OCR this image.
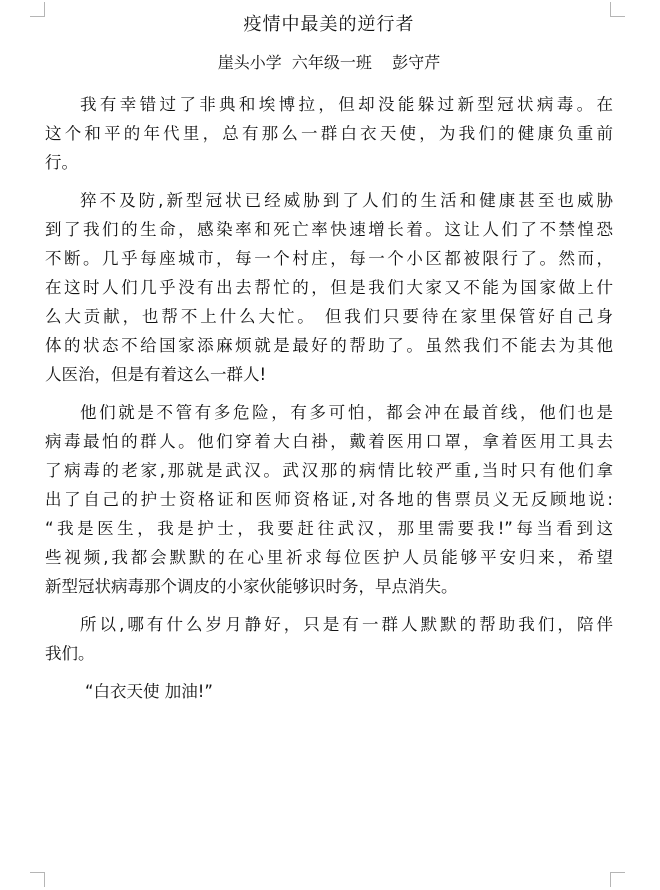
疫情中最美的逆行者
崖头小学  六年级一班    彭守芹
我有幸错过了非典和埃博拉，但却没能躲过新型冠状病毒。在
这个和平的年代里，总有那么一群白衣天使，为我们的健康负重前
行。
猝不及防,新型冠状已经威胁到了人们的生活和健康甚至也威胁
到了我们的生命，感染率和死亡率快速增长着。这让人们了不禁惶恐
不断。几乎每座城市，每一个村庄，每一个小区都被限行了。然而，
在这时人们几乎没有出去帮忙的，但是我们大家又不能为国家做上什
么大贡献，也帮不上什么大忙。 但我们只要待在家里保管好自己身
体的状态不给国家添麻烦就是最好的帮助了。虽然我们不能去为其他
人医治，但是有着这么一群人!
他们就是不管有多危险，有多可怕，都会冲在最首线，他们也是
病毒最怕的群人。他们穿着大白褂，戴着医用口罩，拿着医用工具去
了病毒的老家,那就是武汉。武汉那的病情比较严重,当时只有他们拿
出了自己的护士资格证和医师资格证,对各地的售票员义无反顾地说:
“我是医生，我是护士，我要赶往武汉，那里需要我!”每当看到这
些视频,我都会默默的在心里祈求每位医护人员能够平安归来，希望
新型冠状病毒那个调皮的小家伙能够识时务，早点消失。
所以,哪有什么岁月静好，只是有一群人默默的帮助我们，陪伴
我们。
“白衣天使 加油!”
